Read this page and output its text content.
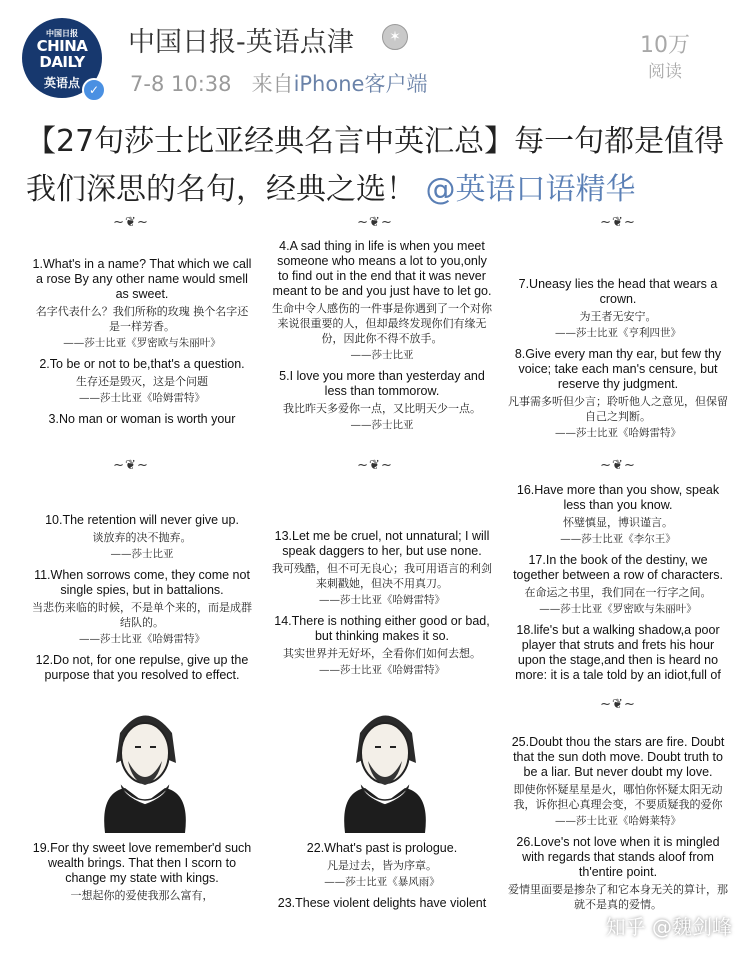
中国日报
CHINA DAILY
英语点 ✓
中国日报-英语点津	✶
7-8 10:38 来自iPhone客户端
10万
阅读
【27句莎士比亚经典名言中英汇总】每一句都是值得我们深思的名句，经典之选！ @英语口语精华
~❦~	~❦~	~❦~
~❦~	~❦~	~❦~
~❦~
1.What's in a name? That which we call a rose By any other name would smell as sweet.
名字代表什么？我们所称的玫瑰 换个名字还是一样芳香。
——莎士比亚《罗密欧与朱丽叶》
2.To be or not to be,that's a question.
生存还是毁灭，这是个问题
——莎士比亚《哈姆雷特》
3.No man or woman is worth your
4.A sad thing in life is when you meet someone who means a lot to you,only to find out in the end that it was never meant to be and you just have to let go.
生命中令人感伤的一件事是你遇到了一个对你来说很重要的人，但却最终发现你们有缘无份，因此你不得不放手。
——莎士比亚
5.I love you more than yesterday and less than tommorow.
我比昨天多爱你一点，又比明天少一点。
——莎士比亚
7.Uneasy lies the head that wears a crown.
为王者无安宁。
——莎士比亚《亨利四世》
8.Give every man thy ear, but few thy voice; take each man's censure, but reserve thy judgment.
凡事需多听但少言；聆听他人之意见，但保留自己之判断。
——莎士比亚《哈姆雷特》
10.The retention will never give up.
谈放弃的决不抛弃。
——莎士比亚
11.When sorrows come, they come not single spies, but in battalions.
当悲伤来临的时候，不是单个来的，而是成群结队的。
——莎士比亚《哈姆雷特》
12.Do not, for one repulse, give up the purpose that you resolved to effect.
13.Let me be cruel, not unnatural; I will speak daggers to her, but use none.
我可残酷，但不可无良心；我可用语言的利剑来刺戳她，但决不用真刀。
——莎士比亚《哈姆雷特》
14.There is nothing either good or bad, but thinking makes it so.
其实世界并无好坏，全看你们如何去想。
——莎士比亚《哈姆雷特》
16.Have more than you show, speak less than you know.
怀璧慎显，博识谨言。
——莎士比亚《李尔王》
17.In the book of the destiny, we together between a row of characters.
在命运之书里，我们同在一行字之间。
——莎士比亚《罗密欧与朱丽叶》
18.life's but a walking shadow,a poor player that struts and frets his hour upon the stage,and then is heard no more: it is a tale told by an idiot,full of
19.For thy sweet love remember'd such wealth brings. That then I scorn to change my state with kings.
一想起你的爱使我那么富有，
22.What's past is prologue.
凡是过去，皆为序章。
——莎士比亚《暴风雨》
23.These violent delights have violent
25.Doubt thou the stars are fire. Doubt that the sun doth move. Doubt truth to be a liar. But never doubt my love.
即使你怀疑星星是火，哪怕你怀疑太阳无动我，诉你担心真理会变，不要质疑我的爱你
——莎士比亚《哈姆莱特》
26.Love's not love when it is mingled with regards that stands aloof from th'entire point.
爱情里面要是掺杂了和它本身无关的算计，那就不是真的爱情。
知乎 @魏剑峰
